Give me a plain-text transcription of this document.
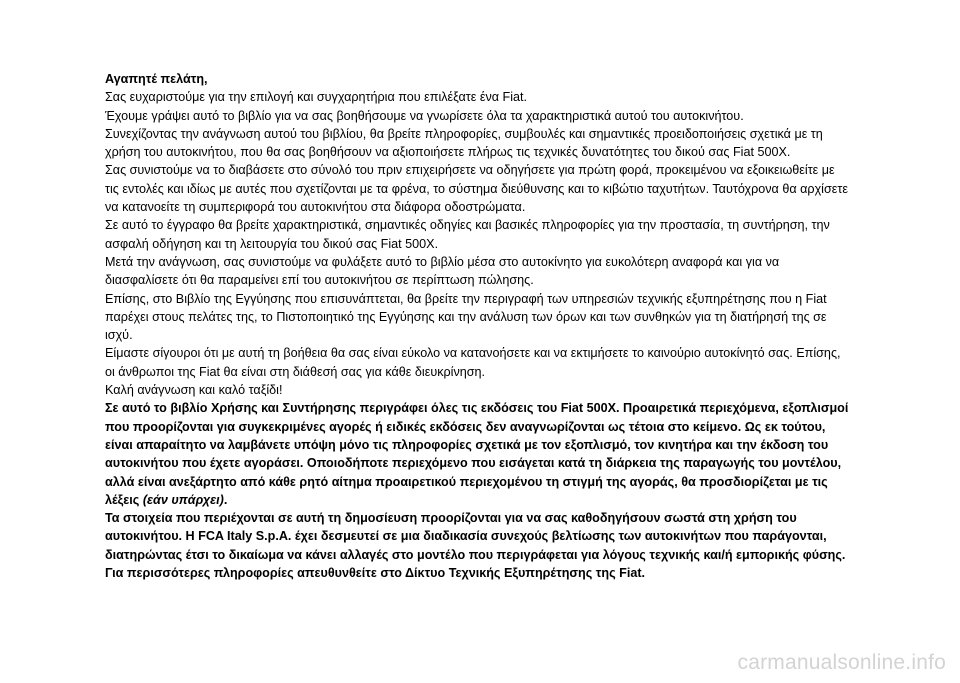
Αγαπητέ πελάτη,

Σας ευχαριστούμε για την επιλογή και συγχαρητήρια που επιλέξατε ένα Fiat.

Έχουμε γράψει αυτό το βιβλίο για να σας βοηθήσουμε να γνωρίσετε όλα τα χαρακτηριστικά αυτού του αυτοκινήτου.

Συνεχίζοντας την ανάγνωση αυτού του βιβλίου, θα βρείτε πληροφορίες, συμβουλές και σημαντικές προειδοποιήσεις σχετικά με τη χρήση του αυτοκινήτου, που θα σας βοηθήσουν να αξιοποιήσετε πλήρως τις τεχνικές δυνατότητες του δικού σας Fiat 500X.

Σας συνιστούμε να το διαβάσετε στο σύνολό του πριν επιχειρήσετε να οδηγήσετε για πρώτη φορά, προκειμένου να εξοικειωθείτε με τις εντολές και ιδίως με αυτές που σχετίζονται με τα φρένα, το σύστημα διεύθυνσης και το κιβώτιο ταχυτήτων. Ταυτόχρονα θα αρχίσετε να κατανοείτε τη συμπεριφορά του αυτοκινήτου στα διάφορα οδοστρώματα.

Σε αυτό το έγγραφο θα βρείτε χαρακτηριστικά, σημαντικές οδηγίες και βασικές πληροφορίες για την προστασία, τη συντήρηση, την ασφαλή οδήγηση και τη λειτουργία του δικού σας Fiat 500X.

Μετά την ανάγνωση, σας συνιστούμε να φυλάξετε αυτό το βιβλίο μέσα στο αυτοκίνητο για ευκολότερη αναφορά και για να διασφαλίσετε ότι θα παραμείνει επί του αυτοκινήτου σε περίπτωση πώλησης.

Επίσης, στο Βιβλίο της Εγγύησης που επισυνάπτεται, θα βρείτε την περιγραφή των υπηρεσιών τεχνικής εξυπηρέτησης που η Fiat παρέχει στους πελάτες της, το Πιστοποιητικό της Εγγύησης και την ανάλυση των όρων και των συνθηκών για τη διατήρησή της σε ισχύ.

Είμαστε σίγουροι ότι με αυτή τη βοήθεια θα σας είναι εύκολο να κατανοήσετε και να εκτιμήσετε το καινούριο αυτοκίνητό σας. Επίσης, οι άνθρωποι της Fiat θα είναι στη διάθεσή σας για κάθε διευκρίνηση.

Καλή ανάγνωση και καλό ταξίδι!

Σε αυτό το βιβλίο Χρήσης και Συντήρησης περιγράφει όλες τις εκδόσεις του Fiat 500X. Προαιρετικά περιεχόμενα, εξοπλισμοί που προορίζονται για συγκεκριμένες αγορές ή ειδικές εκδόσεις δεν αναγνωρίζονται ως τέτοια στο κείμενο. Ως εκ τούτου, είναι απαραίτητο να λαμβάνετε υπόψη μόνο τις πληροφορίες σχετικά με τον εξοπλισμό, τον κινητήρα και την έκδοση του αυτοκινήτου που έχετε αγοράσει. Οποιοδήποτε περιεχόμενο που εισάγεται κατά τη διάρκεια της παραγωγής του μοντέλου, αλλά είναι ανεξάρτητο από κάθε ρητό αίτημα προαιρετικού περιεχομένου τη στιγμή της αγοράς, θα προσδιορίζεται με τις λέξεις (εάν υπάρχει).

Τα στοιχεία που περιέχονται σε αυτή τη δημοσίευση προορίζονται για να σας καθοδηγήσουν σωστά στη χρήση του αυτοκινήτου. Η FCA Italy S.p.A. έχει δεσμευτεί σε μια διαδικασία συνεχούς βελτίωσης των αυτοκινήτων που παράγονται, διατηρώντας έτσι το δικαίωμα να κάνει αλλαγές στο μοντέλο που περιγράφεται για λόγους τεχνικής και/ή εμπορικής φύσης.

Για περισσότερες πληροφορίες απευθυνθείτε στο Δίκτυο Τεχνικής Εξυπηρέτησης της Fiat.

carmanualsonline.info
